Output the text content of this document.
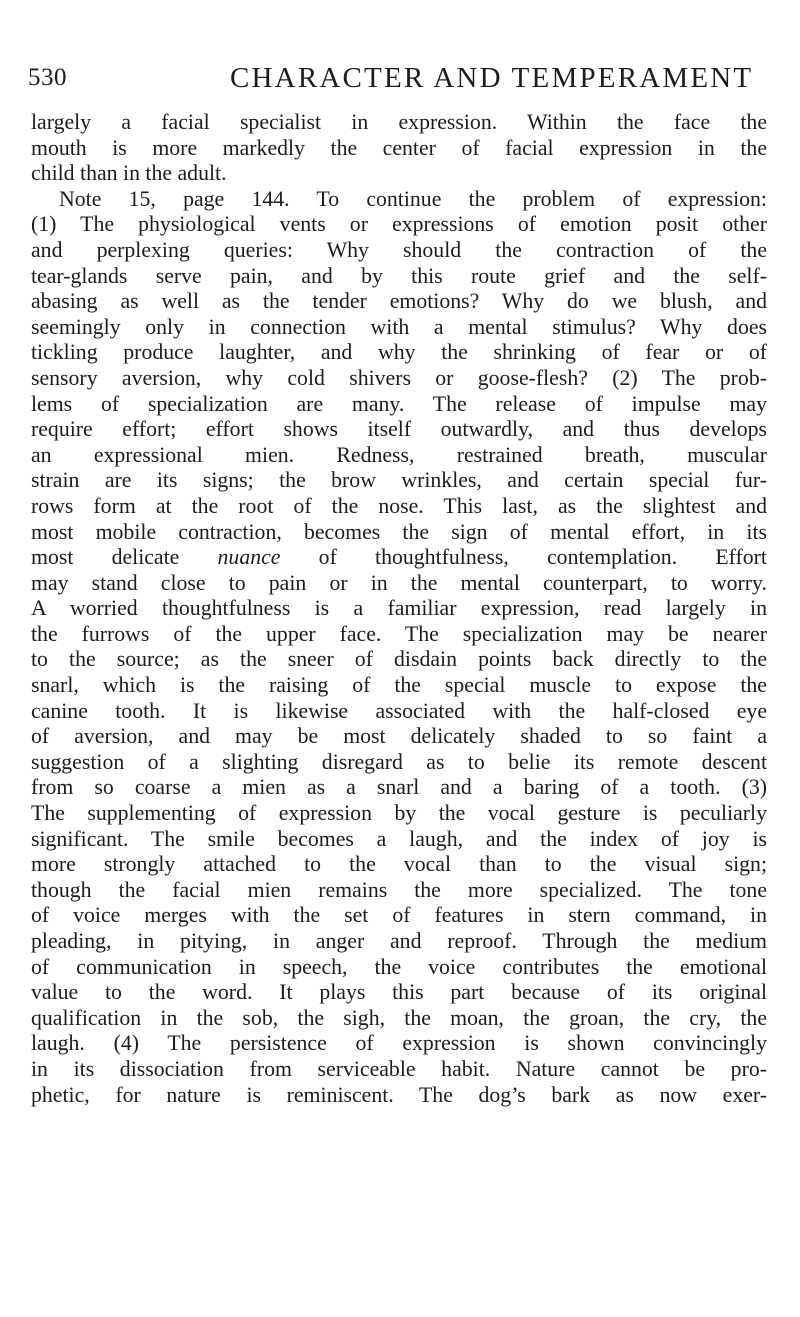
530	CHARACTER AND TEMPERAMENT
largely a facial specialist in expression. Within the face the
mouth is more markedly the center of facial expression in the
child than in the adult.
Note 15, page 144. To continue the problem of expression:
(1) The physiological vents or expressions of emotion posit other
and perplexing queries: Why should the contraction of the
tear-glands serve pain, and by this route grief and the self-
abasing as well as the tender emotions? Why do we blush, and
seemingly only in connection with a mental stimulus? Why does
tickling produce laughter, and why the shrinking of fear or of
sensory aversion, why cold shivers or goose-flesh? (2) The prob-
lems of specialization are many. The release of impulse may
require effort; effort shows itself outwardly, and thus develops
an expressional mien. Redness, restrained breath, muscular
strain are its signs; the brow wrinkles, and certain special fur-
rows form at the root of the nose. This last, as the slightest and
most mobile contraction, becomes the sign of mental effort, in its
most delicate nuance of thoughtfulness, contemplation. Effort
may stand close to pain or in the mental counterpart, to worry.
A worried thoughtfulness is a familiar expression, read largely in
the furrows of the upper face. The specialization may be nearer
to the source; as the sneer of disdain points back directly to the
snarl, which is the raising of the special muscle to expose the
canine tooth. It is likewise associated with the half-closed eye
of aversion, and may be most delicately shaded to so faint a
suggestion of a slighting disregard as to belie its remote descent
from so coarse a mien as a snarl and a baring of a tooth. (3)
The supplementing of expression by the vocal gesture is peculiarly
significant. The smile becomes a laugh, and the index of joy is
more strongly attached to the vocal than to the visual sign;
though the facial mien remains the more specialized. The tone
of voice merges with the set of features in stern command, in
pleading, in pitying, in anger and reproof. Through the medium
of communication in speech, the voice contributes the emotional
value to the word. It plays this part because of its original
qualification in the sob, the sigh, the moan, the groan, the cry, the
laugh. (4) The persistence of expression is shown convincingly
in its dissociation from serviceable habit. Nature cannot be pro-
phetic, for nature is reminiscent. The dog’s bark as now exer-
